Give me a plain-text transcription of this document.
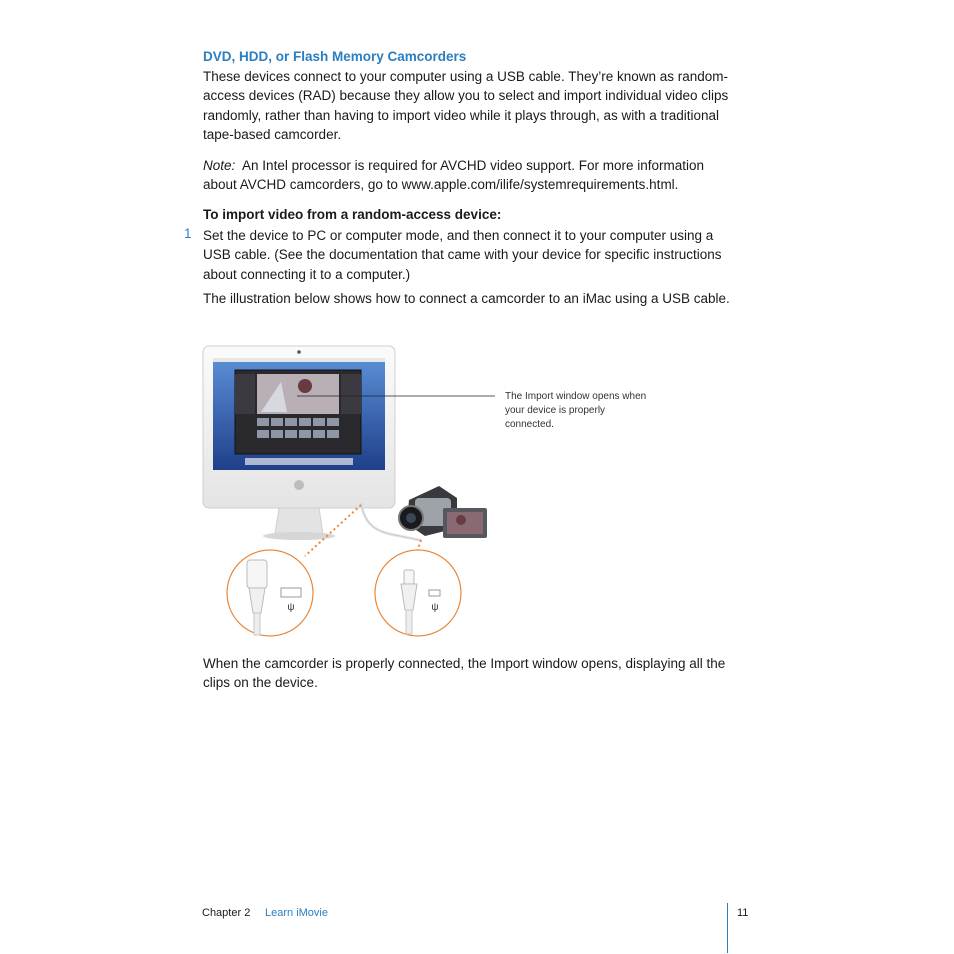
DVD, HDD, or Flash Memory Camcorders
These devices connect to your computer using a USB cable. They’re known as random-access devices (RAD) because they allow you to select and import individual video clips randomly, rather than having to import video while it plays through, as with a traditional tape-based camcorder.
Note: An Intel processor is required for AVCHD video support. For more information about AVCHD camcorders, go to www.apple.com/ilife/systemrequirements.html.
To import video from a random-access device:
1 Set the device to PC or computer mode, and then connect it to your computer using a USB cable. (See the documentation that came with your device for specific instructions about connecting it to a computer.)
The illustration below shows how to connect a camcorder to an iMac using a USB cable.
ψ	ψ
The Import window opens when your device is properly connected.
When the camcorder is properly connected, the Import window opens, displaying all the clips on the device.
Chapter 2 Learn iMovie	11
